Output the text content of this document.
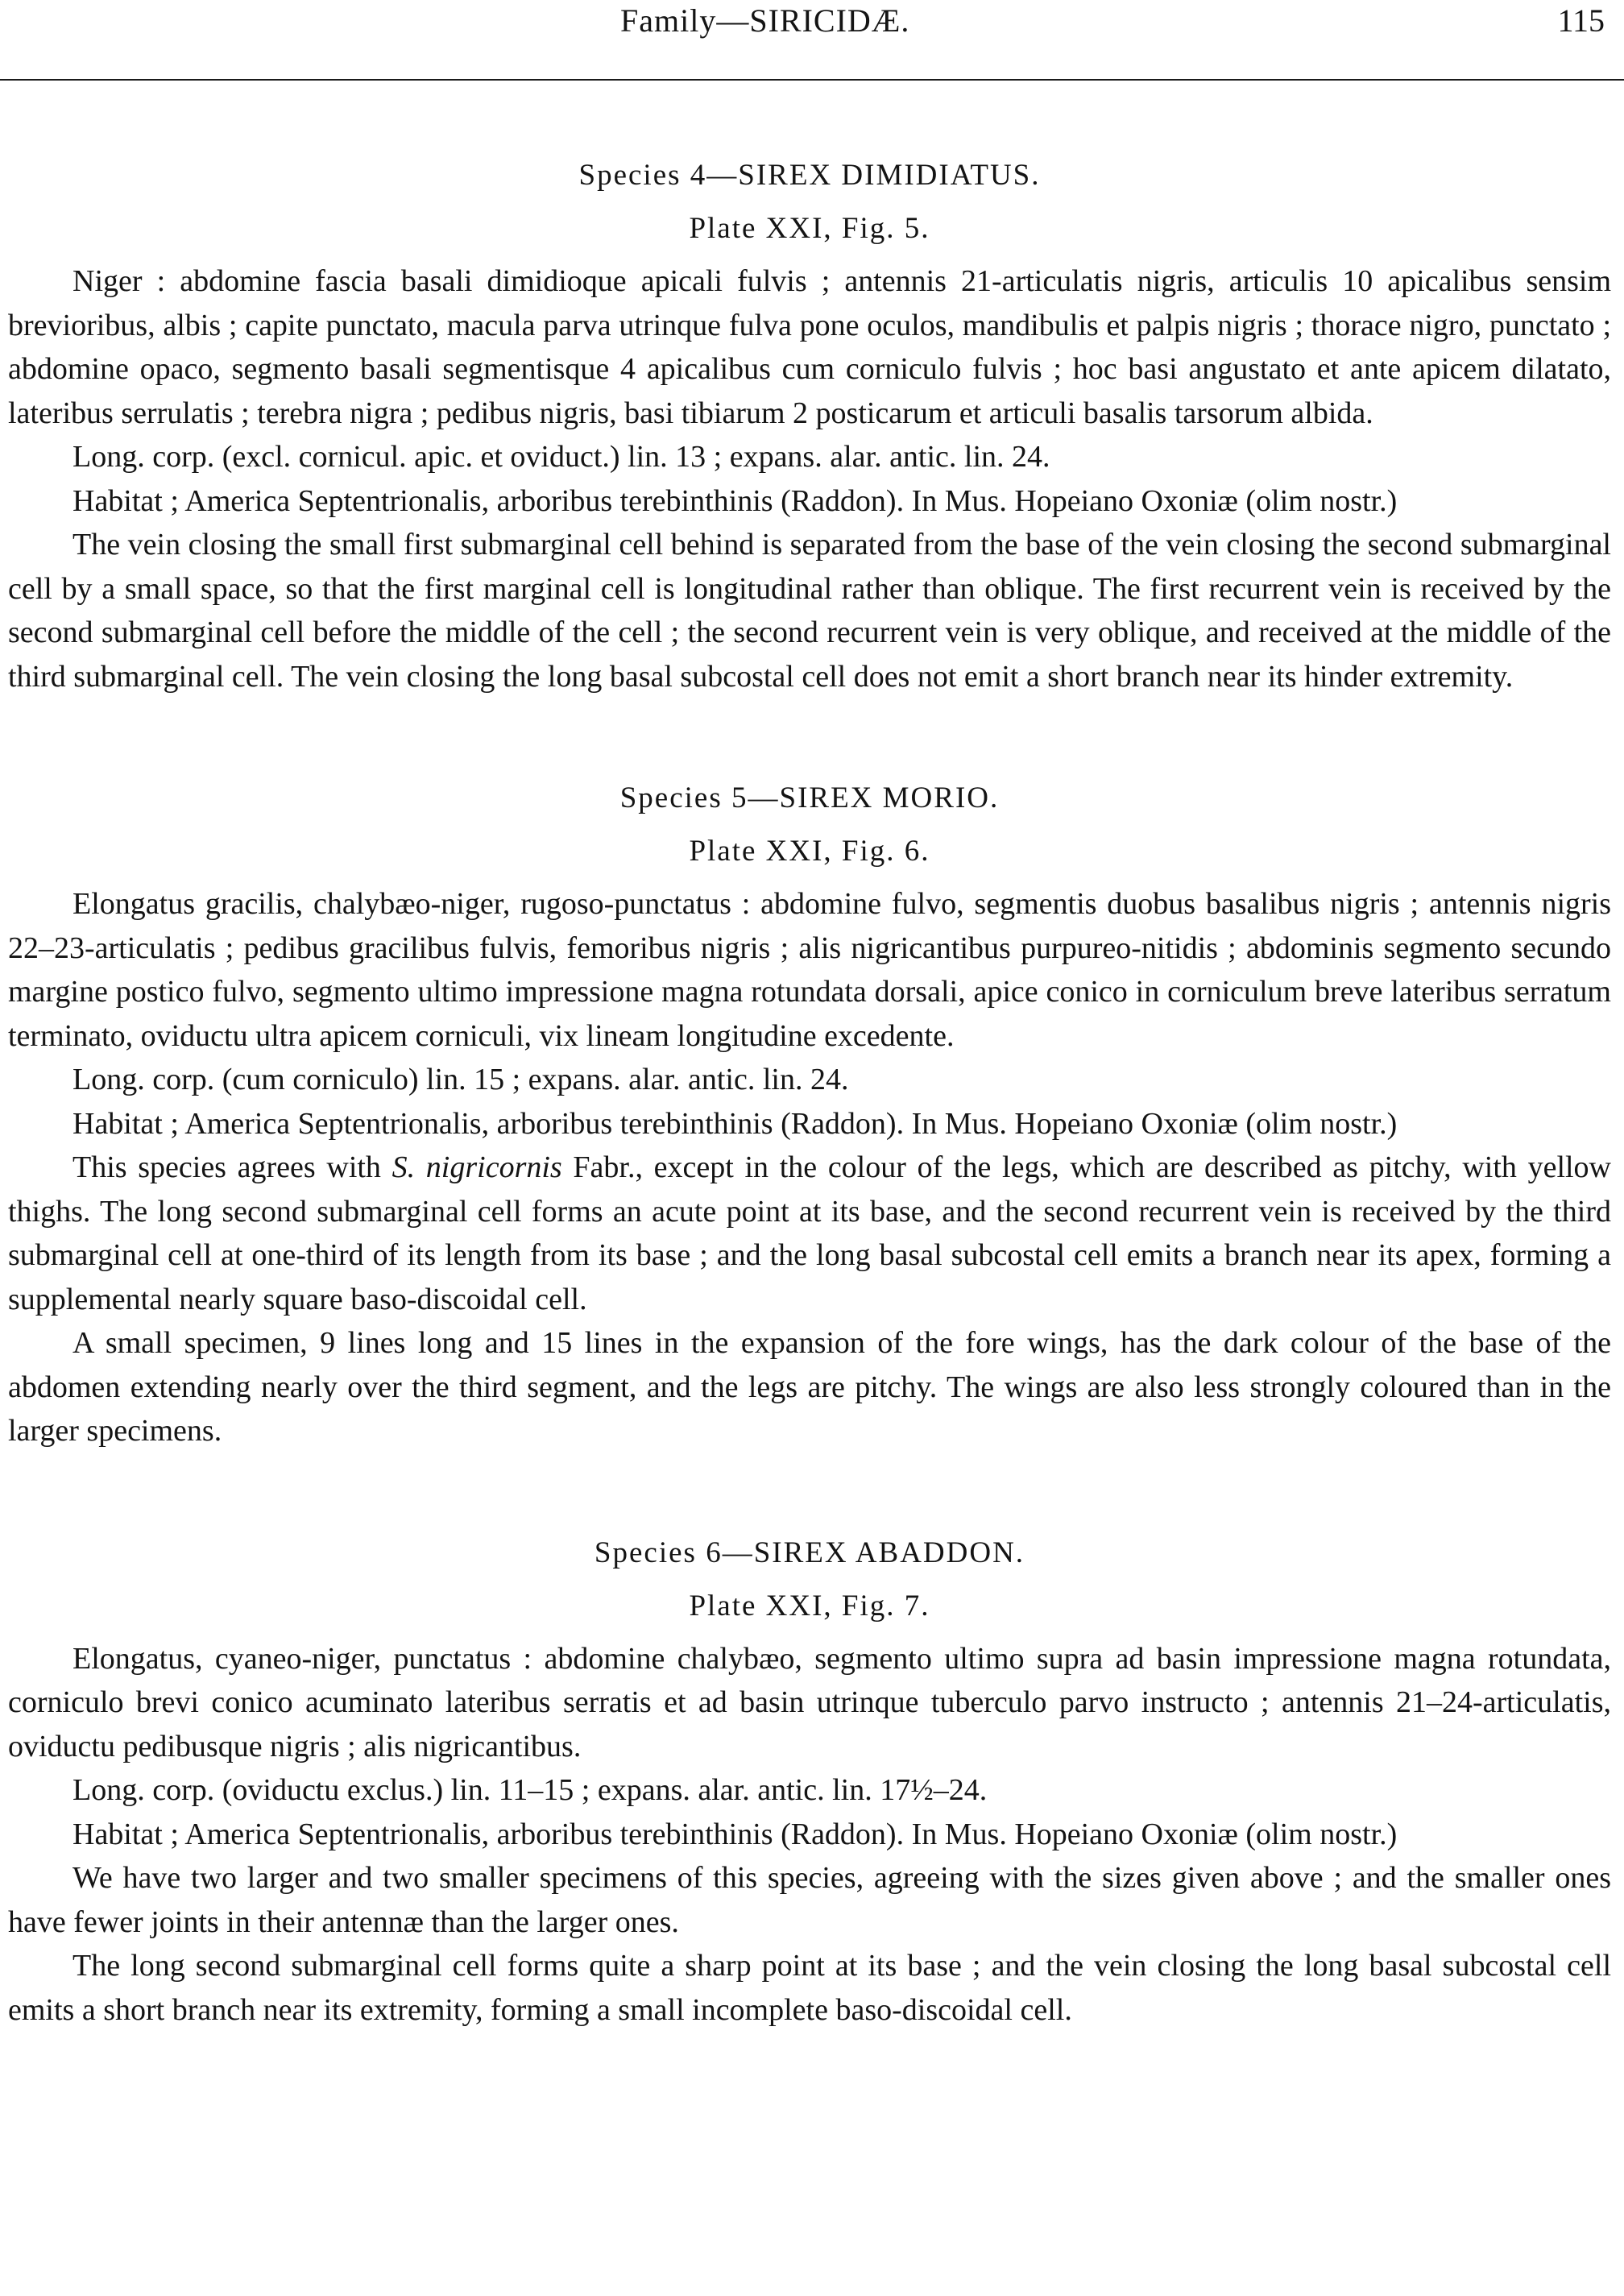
Family—SIRICIDÆ.	115
Species 4—SIREX DIMIDIATUS.
Plate XXI, Fig. 5.

Niger : abdomine fascia basali dimidioque apicali fulvis ; antennis 21-articulatis nigris, articulis 10 apicalibus sensim brevioribus, albis ; capite punctato, macula parva utrinque fulva pone oculos, mandibulis et palpis nigris ; thorace nigro, punctato ; abdomine opaco, segmento basali segmentisque 4 apicalibus cum corniculo fulvis ; hoc basi angustato et ante apicem dilatato, lateribus serrulatis ; terebra nigra ; pedibus nigris, basi tibiarum 2 posticarum et articuli basalis tarsorum albida.

Long. corp. (excl. cornicul. apic. et oviduct.) lin. 13 ; expans. alar. antic. lin. 24.

Habitat ; America Septentrionalis, arboribus terebinthinis (Raddon). In Mus. Hopeiano Oxoniæ (olim nostr.)

The vein closing the small first submarginal cell behind is separated from the base of the vein closing the second submarginal cell by a small space, so that the first marginal cell is longitudinal rather than oblique. The first recurrent vein is received by the second submarginal cell before the middle of the cell ; the second recurrent vein is very oblique, and received at the middle of the third submarginal cell. The vein closing the long basal subcostal cell does not emit a short branch near its hinder extremity.

Species 5—SIREX MORIO.
Plate XXI, Fig. 6.

Elongatus gracilis, chalybæo-niger, rugoso-punctatus : abdomine fulvo, segmentis duobus basalibus nigris ; antennis nigris 22–23-articulatis ; pedibus gracilibus fulvis, femoribus nigris ; alis nigricantibus purpureo-nitidis ; abdominis segmento secundo margine postico fulvo, segmento ultimo impressione magna rotundata dorsali, apice conico in corniculum breve lateribus serratum terminato, oviductu ultra apicem corniculi, vix lineam longitudine excedente.

Long. corp. (cum corniculo) lin. 15 ; expans. alar. antic. lin. 24.

Habitat ; America Septentrionalis, arboribus terebinthinis (Raddon). In Mus. Hopeiano Oxoniæ (olim nostr.)

This species agrees with S. nigricornis Fabr., except in the colour of the legs, which are described as pitchy, with yellow thighs. The long second submarginal cell forms an acute point at its base, and the second recurrent vein is received by the third submarginal cell at one-third of its length from its base ; and the long basal subcostal cell emits a branch near its apex, forming a supplemental nearly square baso-discoidal cell.

A small specimen, 9 lines long and 15 lines in the expansion of the fore wings, has the dark colour of the base of the abdomen extending nearly over the third segment, and the legs are pitchy. The wings are also less strongly coloured than in the larger specimens.

Species 6—SIREX ABADDON.
Plate XXI, Fig. 7.

Elongatus, cyaneo-niger, punctatus : abdomine chalybæo, segmento ultimo supra ad basin impressione magna rotundata, corniculo brevi conico acuminato lateribus serratis et ad basin utrinque tuberculo parvo instructo ; antennis 21–24-articulatis, oviductu pedibusque nigris ; alis nigricantibus.

Long. corp. (oviductu exclus.) lin. 11–15 ; expans. alar. antic. lin. 17½–24.

Habitat ; America Septentrionalis, arboribus terebinthinis (Raddon). In Mus. Hopeiano Oxoniæ (olim nostr.)

We have two larger and two smaller specimens of this species, agreeing with the sizes given above ; and the smaller ones have fewer joints in their antennæ than the larger ones.

The long second submarginal cell forms quite a sharp point at its base ; and the vein closing the long basal subcostal cell emits a short branch near its extremity, forming a small incomplete baso-discoidal cell.
